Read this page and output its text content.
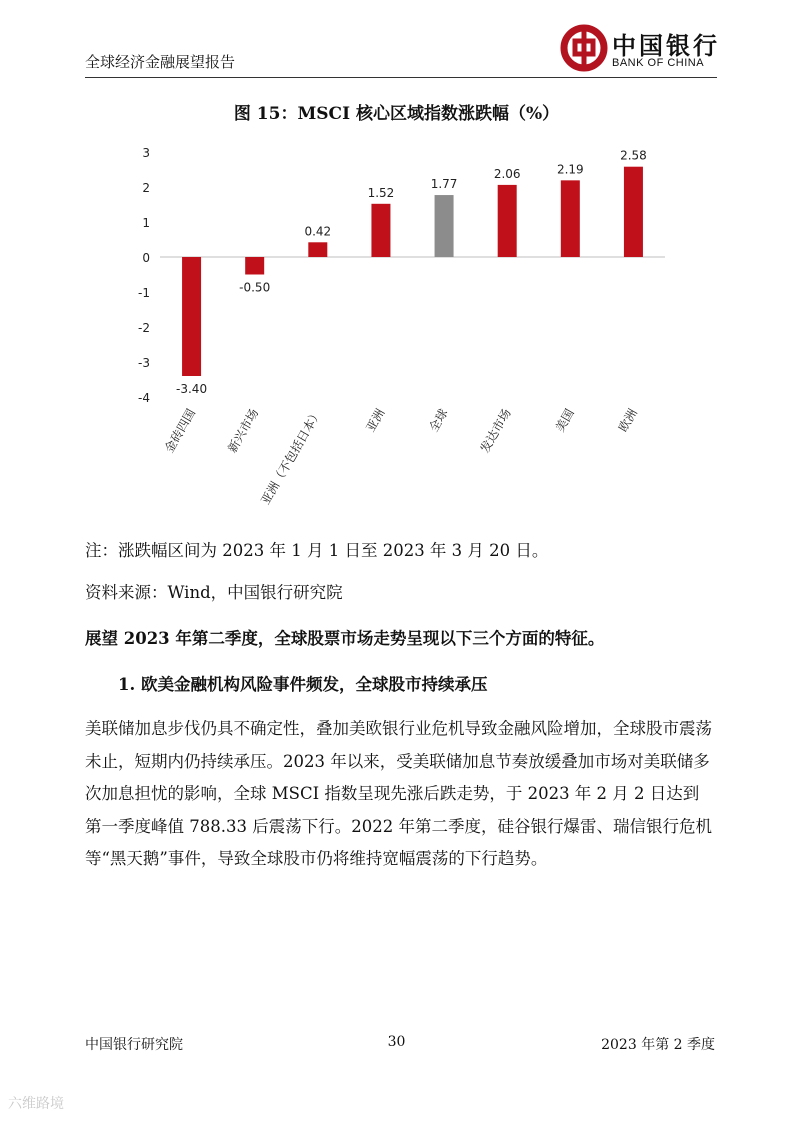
全球经济金融展望报告
中国银行
BANK OF CHINA
图 15：MSCI 核心区域指数涨跌幅（%）
3
2
1
0
-1
-2
-3
-4
-3.40
金砖四国
-0.50
新兴市场
0.42
亚洲（不包括日本）
1.52
亚洲
1.77
全球
2.06
发达市场
2.19
美国
2.58
欧洲
注：涨跌幅区间为 2023 年 1 月 1 日至 2023 年 3 月 20 日。
资料来源：Wind，中国银行研究院
展望 2023 年第二季度，全球股票市场走势呈现以下三个方面的特征。
1. 欧美金融机构风险事件频发，全球股市持续承压
美联储加息步伐仍具不确定性，叠加美欧银行业危机导致金融风险增加，全球股市震荡未止，短期内仍持续承压。2023 年以来，受美联储加息节奏放缓叠加市场对美联储多次加息担忧的影响，全球 MSCI 指数呈现先涨后跌走势，于 2023 年 2 月 2 日达到第一季度峰值 788.33 后震荡下行。2022 年第二季度，硅谷银行爆雷、瑞信银行危机等“黑天鹅”事件，导致全球股市仍将维持宽幅震荡的下行趋势。
中国银行研究院	30	2023 年第 2 季度
六维路境
